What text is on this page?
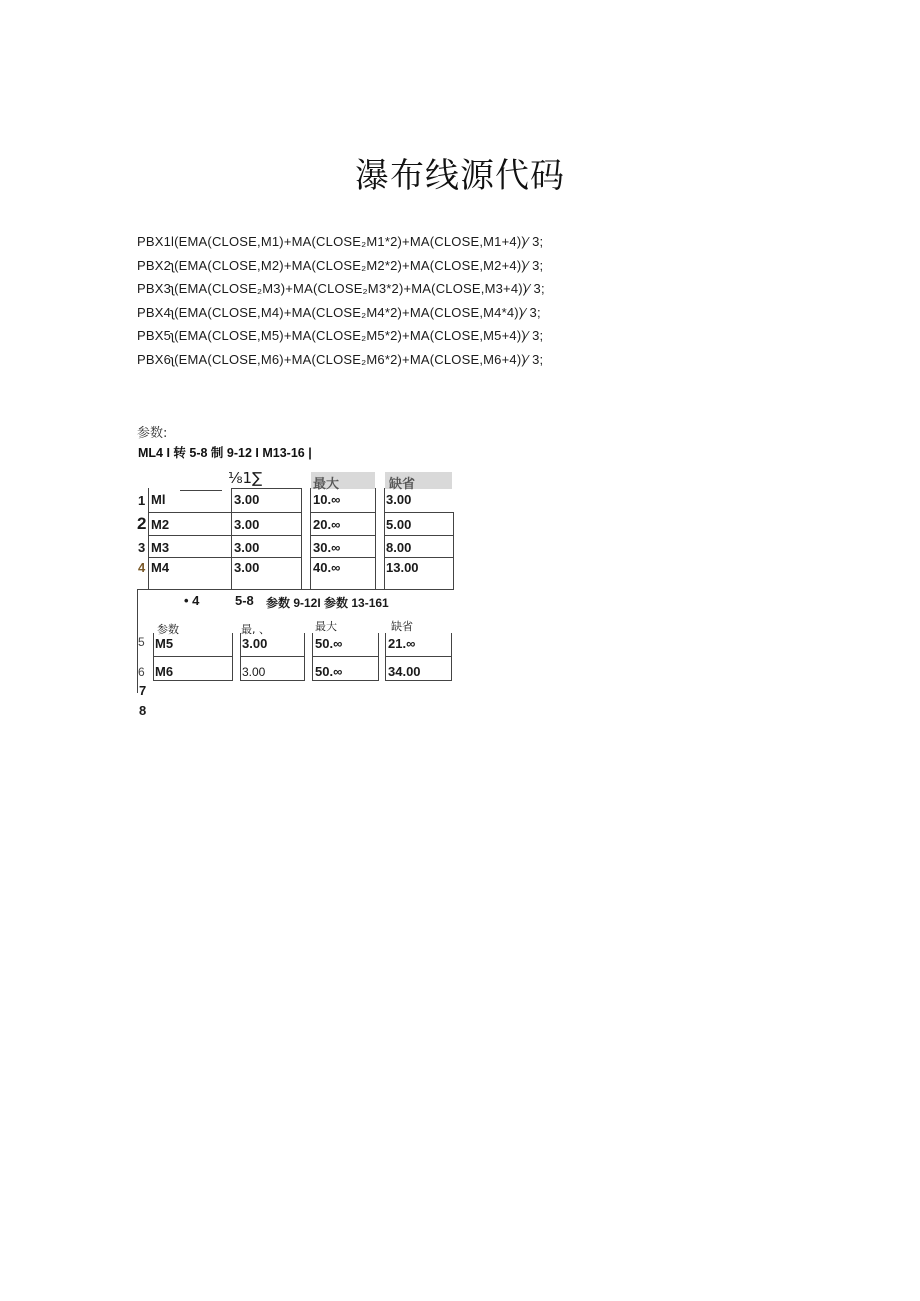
瀑布线源代码
PBX1l(EMA(CLOSE,M1)+MA(CLOSE₂M1*2)+MA(CLOSE,M1+4))⁄ 3;
PBX2ʅ(EMA(CLOSE,M2)+MA(CLOSE₂M2*2)+MA(CLOSE,M2+4))⁄ 3;
PBX3ʅ(EMA(CLOSE₂M3)+MA(CLOSE₂M3*2)+MA(CLOSE,M3+4))⁄ 3;
PBX4ʅ(EMA(CLOSE,M4)+MA(CLOSE₂M4*2)+MA(CLOSE,M4*4))⁄ 3;
PBX5ʅ(EMA(CLOSE,M5)+MA(CLOSE₂M5*2)+MA(CLOSE,M5+4))⁄ 3;
PBX6ʅ(EMA(CLOSE,M6)+MA(CLOSE₂M6*2)+MA(CLOSE,M6+4))⁄ 3;
参数:
ML4 I 转 5-8 制 9-12 I M13-16 |
⅛1∑	最大	缺省
1 Ml	3.00	10.∞	3.00
2 M2	3.00	20.∞	5.00
3 M3	3.00	30.∞	8.00
4 M4	3.00	40.∞	13.00
• 4	5-8 参数 9-12I 参数 13-161
参数	最, 、	最大	缺省
5 M5	3.00	50.∞	21.∞
6 M6	3.00	50.∞	34.00
7
8
